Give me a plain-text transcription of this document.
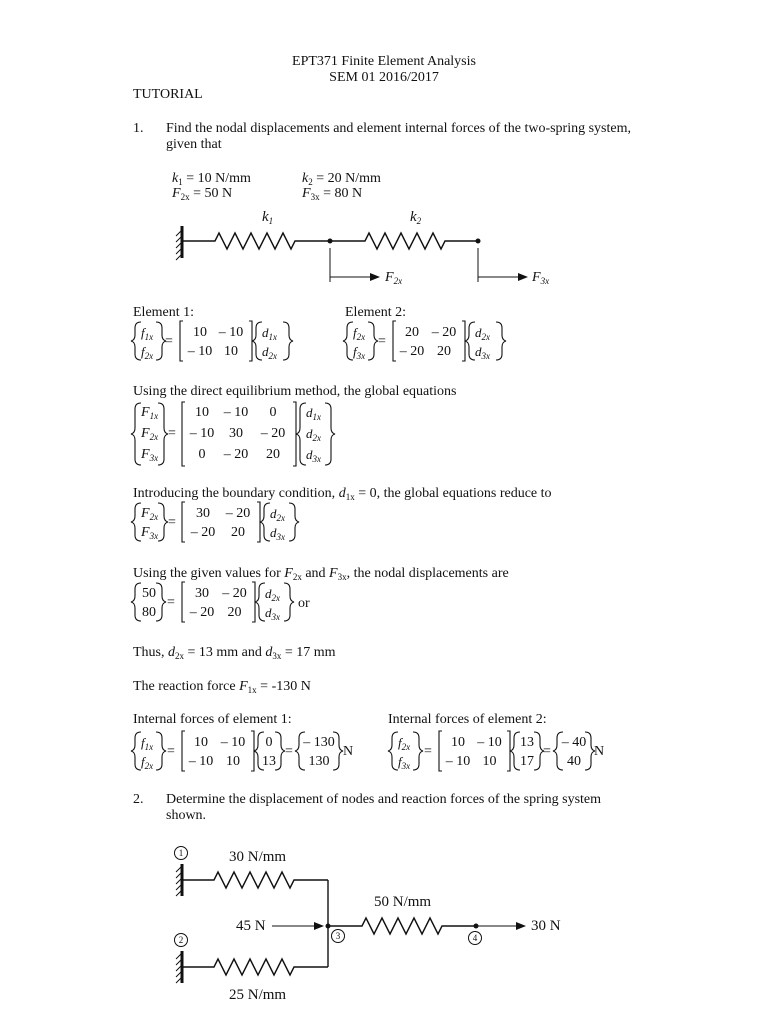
EPT371 Finite Element Analysis
SEM 01 2016/2017
TUTORIAL
1. Find the nodal displacements and element internal forces of the two-spring system,
given that
$k_1 = 10$ N/mm	$k_2 = 20$ N/mm
$F_{2x} = 50$ N	$F_{3x} = 80$ N
$k_1$	$k_2$
$F_{2x}$	$F_{3x}$
Element 1:	Element 2:
$f_{1x}$
$f_{2x}$
=
10 – 10
– 10 10
$d_{1x}$
$d_{2x}$
$f_{2x}$
$f_{3x}$
=
20 – 20
– 20 20
$d_{2x}$
$d_{3x}$
Using the direct equilibrium method, the global equations
$F_{1x}$
$F_{2x}$
$F_{3x}$
=
10	– 10	0
– 10	30	– 20
0	– 20	20
$d_{1x}$
$d_{2x}$
$d_{3x}$
Introducing the boundary condition, $d_{1x} = 0$, the global equations reduce to
$F_{2x}$
$F_{3x}$
=
30	– 20
– 20	20
$d_{2x}$
$d_{3x}$
Using the given values for $F_{2x}$ and $F_{3x}$, the nodal displacements are
50
80
=
30 – 20
– 20 20
$d_{2x}$
$d_{3x}$
or
Thus, $d_{2x} = 13$ mm and $d_{3x} = 17$ mm
The reaction force $F_{1x} = -130$ N
Internal forces of element 1:	Internal forces of element 2:
$f_{1x}$
$f_{2x}$
=
10 – 10
– 10 10
0
13
=
– 130
130
N
$f_{2x}$
$f_{3x}$
=
10 – 10
– 10 10
13
17
=
– 40
40
N
2. Determine the displacement of nodes and reaction forces of the spring system
shown.
1
2	3	4
30 N/mm
50 N/mm
45 N	30 N
25 N/mm
